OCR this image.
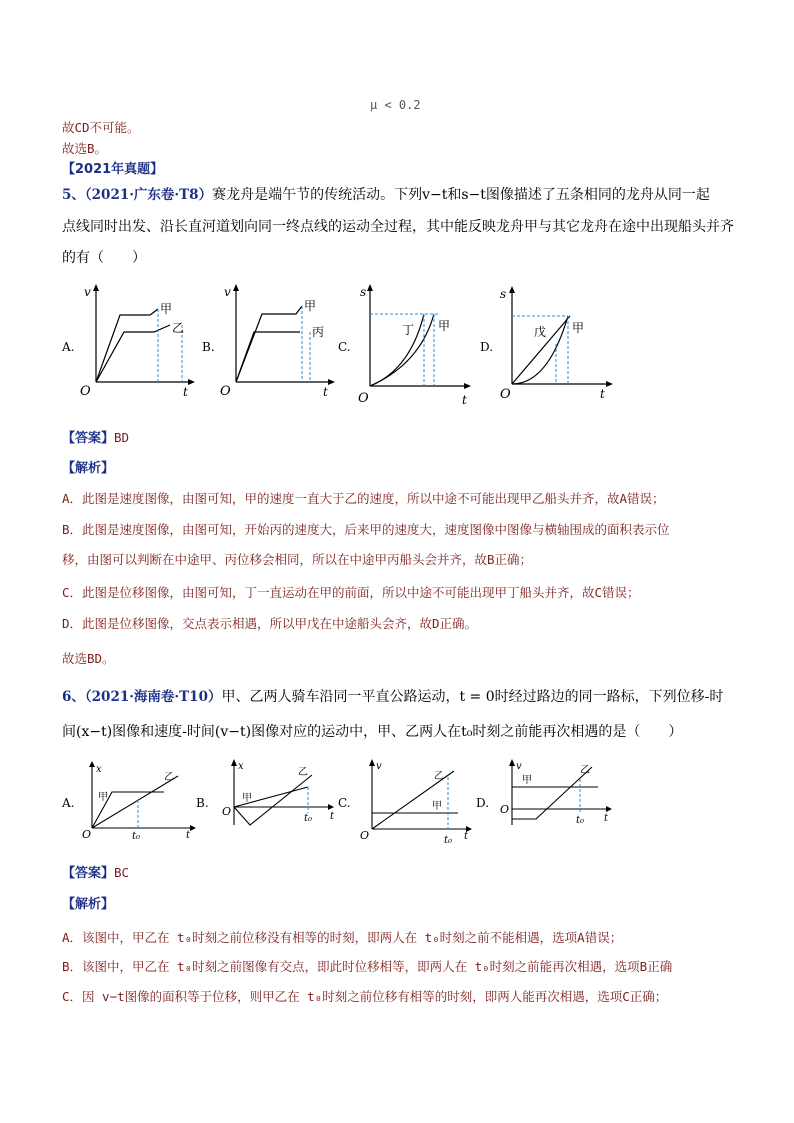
μ < 0.2
故CD不可能。
故选B。
【2021年真题】
5、（2021·广东卷·T8）赛龙舟是端午节的传统活动。下列v−t和s−t图像描述了五条相同的龙舟从同一起
点线同时出发、沿长直河道划向同一终点线的运动全过程，其中能反映龙舟甲与其它龙舟在途中出现船头并齐
的有（　　）
A.
v
甲
乙
O	t
B.
v
甲
丙
O	t
C.
s
丁 甲
O	t
D.
s
戊 甲
O	t
【答案】BD
【解析】
A．此图是速度图像，由图可知，甲的速度一直大于乙的速度，所以中途不可能出现甲乙船头并齐，故A错误；
B．此图是速度图像，由图可知，开始丙的速度大，后来甲的速度大，速度图像中图像与横轴围成的面积表示位
移，由图可以判断在中途甲、丙位移会相同，所以在中途甲丙船头会并齐，故B正确；
C．此图是位移图像，由图可知，丁一直运动在甲的前面，所以中途不可能出现甲丁船头并齐，故C错误；
D．此图是位移图像，交点表示相遇，所以甲戊在中途船头会齐，故D正确。
故选BD。
6、（2021·海南卷·T10）甲、乙两人骑车沿同一平直公路运动，t = 0时经过路边的同一路标，下列位移-时
间(x−t)图像和速度-时间(v−t)图像对应的运动中，甲、乙两人在t₀时刻之前能再次相遇的是（　　）
A.
x
甲
乙
O	t₀	t
B.
x
甲
乙
O
t₀ t
C.
v
乙
甲
O	t₀ t
D.
v
甲
乙
O
t₀ t
【答案】BC
【解析】
A．该图中，甲乙在 t₀时刻之前位移没有相等的时刻，即两人在 t₀时刻之前不能相遇，选项A错误；
B．该图中，甲乙在 t₀时刻之前图像有交点，即此时位移相等，即两人在 t₀时刻之前能再次相遇，选项B正确
C．因 v−t图像的面积等于位移，则甲乙在 t₀时刻之前位移有相等的时刻，即两人能再次相遇，选项C正确；
